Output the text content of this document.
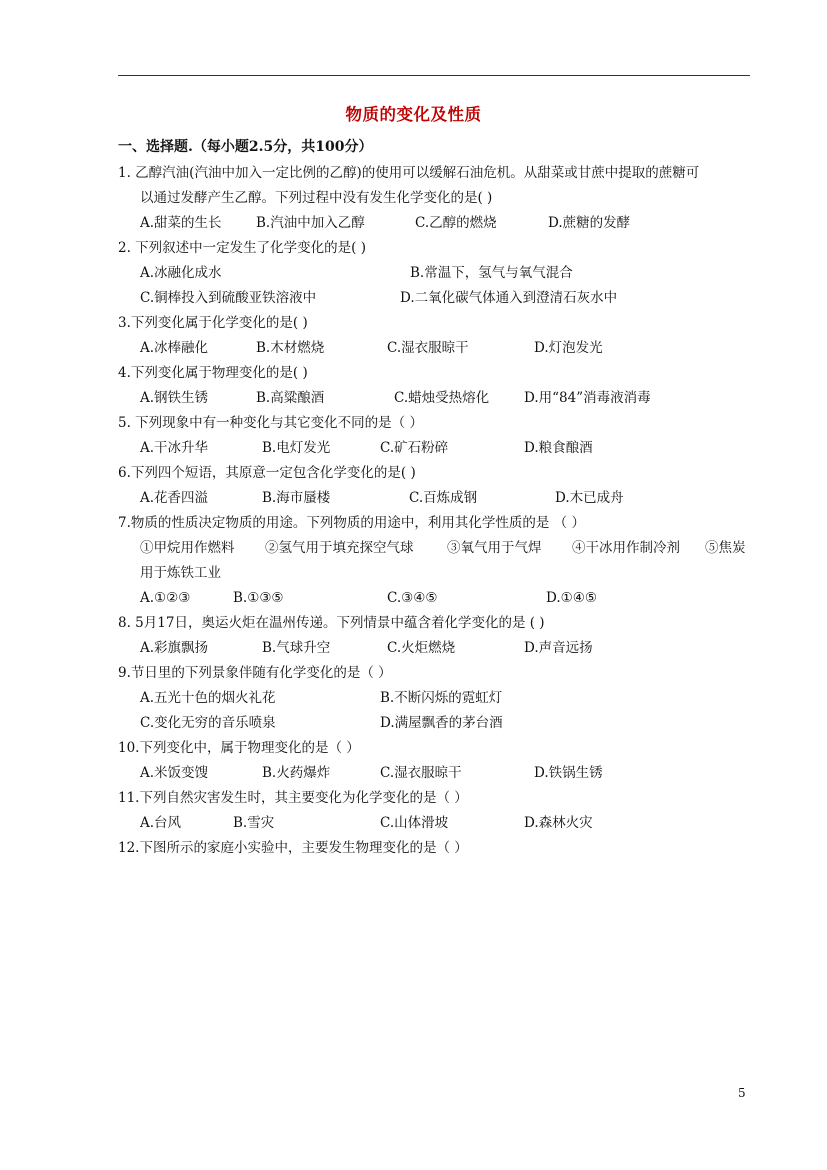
物质的变化及性质
一、选择题.（每小题2.5分，共100分）
1. 乙醇汽油(汽油中加入一定比例的乙醇)的使用可以缓解石油危机。从甜菜或甘蔗中提取的蔗糖可
以通过发酵产生乙醇。下列过程中没有发生化学变化的是( )
A.甜菜的生长	B.汽油中加入乙醇	C.乙醇的燃烧	D.蔗糖的发酵
2. 下列叙述中一定发生了化学变化的是( )
A.冰融化成水	B.常温下，氢气与氧气混合
C.铜棒投入到硫酸亚铁溶液中	D.二氧化碳气体通入到澄清石灰水中
3.下列变化属于化学变化的是( )
A.冰棒融化	B.木材燃烧	C.湿衣服晾干	D.灯泡发光
4.下列变化属于物理变化的是( )
A.钢铁生锈	B.高粱酿酒	C.蜡烛受热熔化	D.用“84”消毒液消毒
5. 下列现象中有一种变化与其它变化不同的是（ ）
A.干冰升华	B.电灯发光	C.矿石粉碎	D.粮食酿酒
6.下列四个短语，其原意一定包含化学变化的是( )
A.花香四溢	B.海市蜃楼	C.百炼成钢	D.木已成舟
7.物质的性质决定物质的用途。下列物质的用途中，利用其化学性质的是 （ ）
①甲烷用作燃料 ②氢气用于填充探空气球 ③氧气用于气焊 ④干冰用作制冷剂 ⑤焦炭
用于炼铁工业
A.①②③	B.①③⑤	C.③④⑤	D.①④⑤
8. 5月17日，奥运火炬在温州传递。下列情景中蕴含着化学变化的是 ( )
A.彩旗飘扬	B.气球升空	C.火炬燃烧	D.声音远扬
9.节日里的下列景象伴随有化学变化的是（ ）
A.五光十色的烟火礼花	B.不断闪烁的霓虹灯
C.变化无穷的音乐喷泉	D.满屋飘香的茅台酒
10.下列变化中，属于物理变化的是（ ）
A.米饭变馊	B.火药爆炸	C.湿衣服晾干	D.铁锅生锈
11.下列自然灾害发生时，其主要变化为化学变化的是（ ）
A.台风	B.雪灾	C.山体滑坡	D.森林火灾
12.下图所示的家庭小实验中，主要发生物理变化的是（ ）
5
